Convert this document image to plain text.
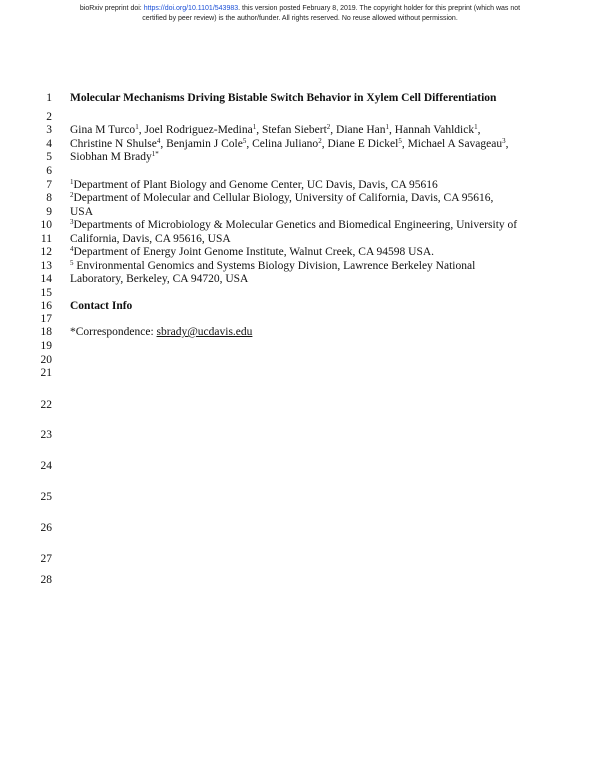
bioRxiv preprint doi: https://doi.org/10.1101/543983. this version posted February 8, 2019. The copyright holder for this preprint (which was not
certified by peer review) is the author/funder. All rights reserved. No reuse allowed without permission.
1
2
3
4
5
6
7
8
9
10
11
12
13
14
15
16
17
18
19
20
21
22
23
24
25
26
27
28
Molecular Mechanisms Driving Bistable Switch Behavior in Xylem Cell Differentiation
Gina M Turco$^1$, Joel Rodriguez-Medina$^1$, Stefan Siebert$^2$, Diane Han$^1$, Hannah Vahldick$^1$,
Christine N Shulse$^4$, Benjamin J Cole$^5$, Celina Juliano$^2$, Diane E Dickel$^5$, Michael A Savageau$^3$,
Siobhan M Brady$^{1*}$
$^1$Department of Plant Biology and Genome Center, UC Davis, Davis, CA 95616
$^2$Department of Molecular and Cellular Biology, University of California, Davis, CA 95616,
USA
$^3$Departments of Microbiology & Molecular Genetics and Biomedical Engineering, University of
California, Davis, CA 95616, USA
$^4$Department of Energy Joint Genome Institute, Walnut Creek, CA 94598 USA.
$^5$ Environmental Genomics and Systems Biology Division, Lawrence Berkeley National
Laboratory, Berkeley, CA 94720, USA
Contact Info
*Correspondence: sbrady@ucdavis.edu
